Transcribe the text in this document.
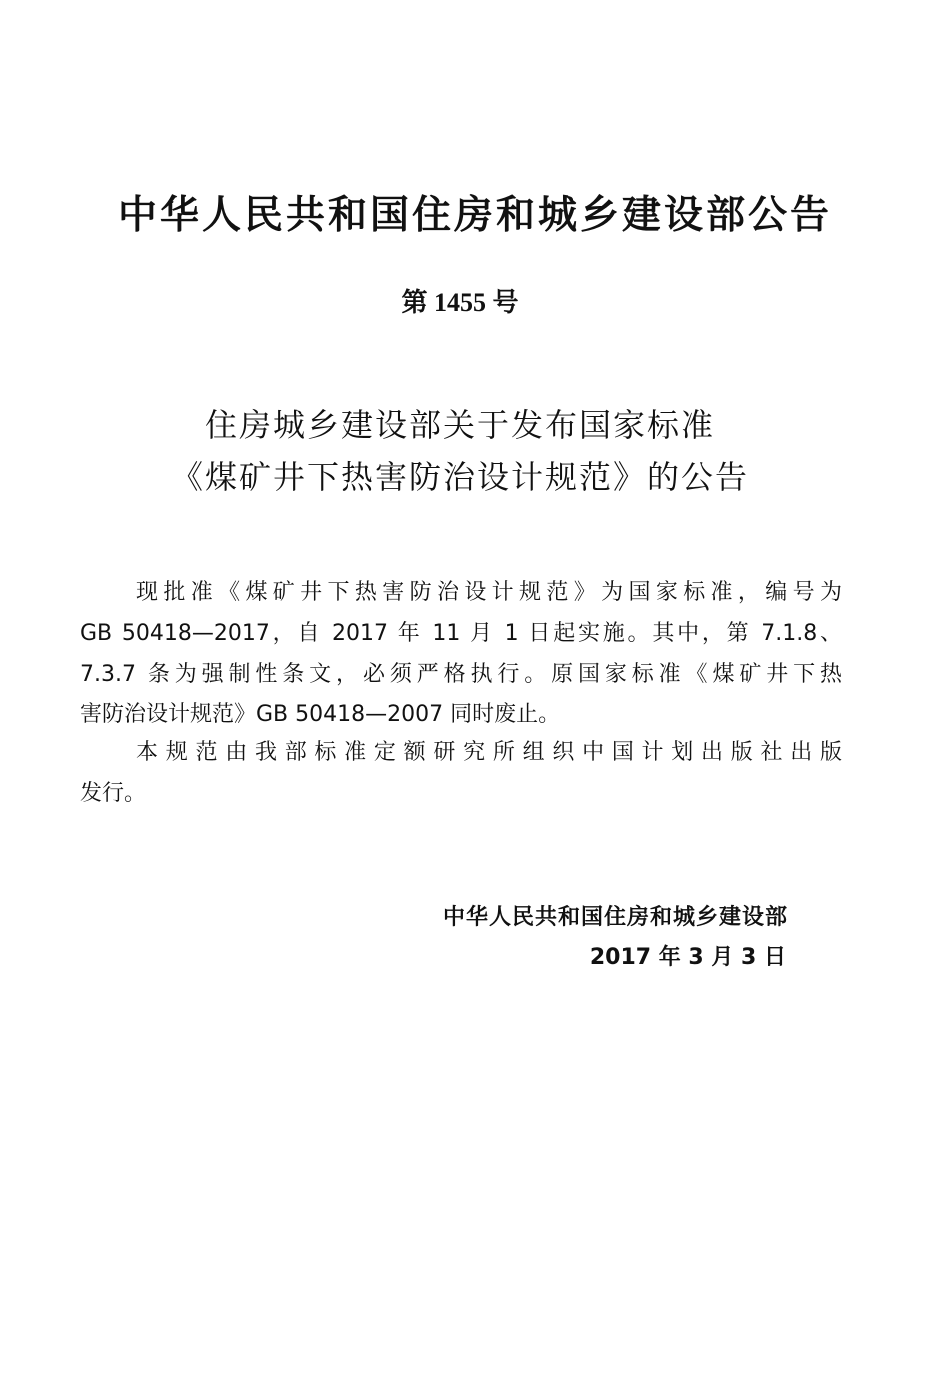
中华人民共和国住房和城乡建设部公告
第 1455 号
住房城乡建设部关于发布国家标准
《煤矿井下热害防治设计规范》的公告
现批准《煤矿井下热害防治设计规范》为国家标准，编号为
GB 50418—2017，自 2017 年 11 月 1 日起实施。其中，第 7.1.8、
7.3.7 条为强制性条文，必须严格执行。原国家标准《煤矿井下热
害防治设计规范》GB 50418—2007 同时废止。
本规范由我部标准定额研究所组织中国计划出版社出版
发行。
中华人民共和国住房和城乡建设部
2017 年 3 月 3 日
